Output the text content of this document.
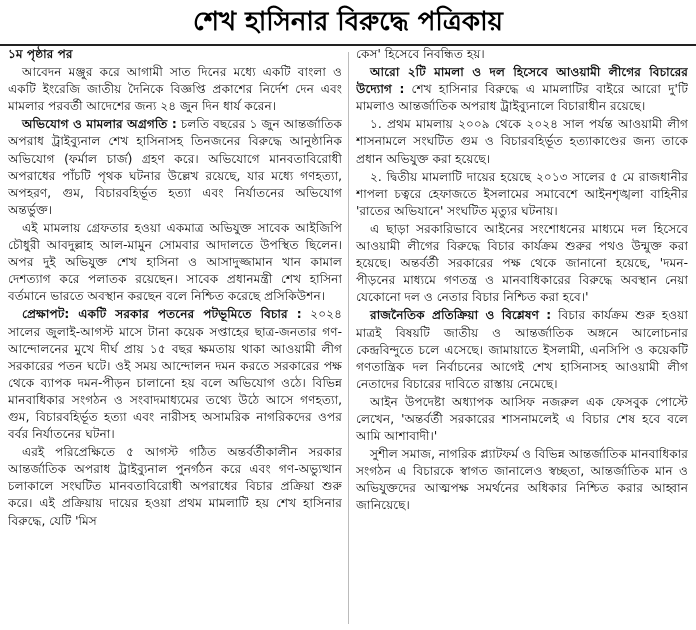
শেখ হাসিনার বিরুদ্ধে পত্রিকায়
১ম পৃষ্ঠার পর

আবেদন মঞ্জুর করে আগামী সাত দিনের মধ্যে একটি বাংলা ও একটি ইংরেজি জাতীয় দৈনিকে বিজ্ঞপ্তি প্রকাশের নির্দেশ দেন এবং মামলার পরবর্তী আদেশের জন্য ২৪ জুন দিন ধার্য করেন।

অভিযোগ ও মামলার অগ্রগতি : চলতি বছরের ১ জুন আন্তর্জাতিক অপরাধ ট্রাইব্যুনাল শেখ হাসিনাসহ তিনজনের বিরুদ্ধে আনুষ্ঠানিক অভিযোগ (ফর্মাল চার্জ) গ্রহণ করে। অভিযোগে মানবতাবিরোধী অপরাধের পাঁচটি পৃথক ঘটনার উল্লেখ রয়েছে, যার মধ্যে গণহত্যা, অপহরণ, গুম, বিচারবহির্ভূত হত্যা এবং নির্যাতনের অভিযোগ অন্তর্ভুক্ত।

এই মামলায় গ্রেফতার হওয়া একমাত্র অভিযুক্ত সাবেক আইজিপি চৌধুরী আবদুল্লাহ আল-মামুন সোমবার আদালতে উপস্থিত ছিলেন। অপর দুই অভিযুক্ত শেখ হাসিনা ও আসাদুজ্জামান খান কামাল দেশত্যাগ করে পলাতক রয়েছেন। সাবেক প্রধানমন্ত্রী শেখ হাসিনা বর্তমানে ভারতে অবস্থান করছেন বলে নিশ্চিত করেছে প্রসিকিউশন।

প্রেক্ষাপট: একটি সরকার পতনের পটভূমিতে বিচার : ২০২৪ সালের জুলাই-আগস্ট মাসে টানা কয়েক সপ্তাহের ছাত্র-জনতার গণ-আন্দোলনের মুখে দীর্ঘ প্রায় ১৫ বছর ক্ষমতায় থাকা আওয়ামী লীগ সরকারের পতন ঘটে। ওই সময় আন্দোলন দমন করতে সরকারের পক্ষ থেকে ব্যাপক দমন-পীড়ন চালানো হয় বলে অভিযোগ ওঠে। বিভিন্ন মানবাধিকার সংগঠন ও সংবাদমাধ্যমের তথ্যে উঠে আসে গণহত্যা, গুম, বিচারবহির্ভূত হত্যা এবং নারীসহ অসামরিক নাগরিকদের ওপর বর্বর নির্যাতনের ঘটনা।

এরই পরিপ্রেক্ষিতে ৫ আগস্ট গঠিত অন্তর্বর্তীকালীন সরকার আন্তর্জাতিক অপরাধ ট্রাইব্যুনাল পুনর্গঠন করে এবং গণ-অভ্যুত্থান চলাকালে সংঘটিত মানবতাবিরোধী অপরাধের বিচার প্রক্রিয়া শুরু করে। এই প্রক্রিয়ায় দায়ের হওয়া প্রথম মামলাটি হয় শেখ হাসিনার বিরুদ্ধে, যেটি 'মিস

কেস' হিসেবে নিবন্ধিত হয়।

আরো ২টি মামলা ও দল হিসেবে আওয়ামী লীগের বিচারের উদ্যোগ : শেখ হাসিনার বিরুদ্ধে এ মামলাটির বাইরে আরো দু'টি মামলাও আন্তর্জাতিক অপরাধ ট্রাইব্যুনালে বিচারাধীন রয়েছে।

১. প্রথম মামলায় ২০০৯ থেকে ২০২৪ সাল পর্যন্ত আওয়ামী লীগ শাসনামলে সংঘটিত গুম ও বিচারবহির্ভূত হত্যাকাণ্ডের জন্য তাকে প্রধান অভিযুক্ত করা হয়েছে।

২. দ্বিতীয় মামলাটি দায়ের হয়েছে ২০১৩ সালের ৫ মে রাজধানীর শাপলা চত্বরে হেফাজতে ইসলামের সমাবেশে আইনশৃঙ্খলা বাহিনীর 'রাতের অভিযানে' সংঘটিত মৃত্যুর ঘটনায়।

এ ছাড়া সরকারিভাবে আইনের সংশোধনের মাধ্যমে দল হিসেবে আওয়ামী লীগের বিরুদ্ধে বিচার কার্যক্রম শুরুর পথও উন্মুক্ত করা হয়েছে। অন্তর্বর্তী সরকারের পক্ষ থেকে জানানো হয়েছে, 'দমন-পীড়নের মাধ্যমে গণতন্ত্র ও মানবাধিকারের বিরুদ্ধে অবস্থান নেয়া যেকোনো দল ও নেতার বিচার নিশ্চিত করা হবে।'

রাজনৈতিক প্রতিক্রিয়া ও বিশ্লেষণ : বিচার কার্যক্রম শুরু হওয়া মাত্রই বিষয়টি জাতীয় ও আন্তর্জাতিক অঙ্গনে আলোচনার কেন্দ্রবিন্দুতে চলে এসেছে। জামায়াতে ইসলামী, এনসিপি ও কয়েকটি গণতান্ত্রিক দল নির্বাচনের আগেই শেখ হাসিনাসহ আওয়ামী লীগ নেতাদের বিচারের দাবিতে রাস্তায় নেমেছে।

আইন উপদেষ্টা অধ্যাপক আসিফ নজরুল এক ফেসবুক পোস্টে লেখেন, 'অন্তর্বর্তী সরকারের শাসনামলেই এ বিচার শেষ হবে বলে আমি আশাবাদী।'

সুশীল সমাজ, নাগরিক প্ল্যাটফর্ম ও বিভিন্ন আন্তর্জাতিক মানবাধিকার সংগঠন এ বিচারকে স্বাগত জানালেও স্বচ্ছতা, আন্তর্জাতিক মান ও অভিযুক্তদের আত্মপক্ষ সমর্থনের অধিকার নিশ্চিত করার আহ্বান জানিয়েছে।
